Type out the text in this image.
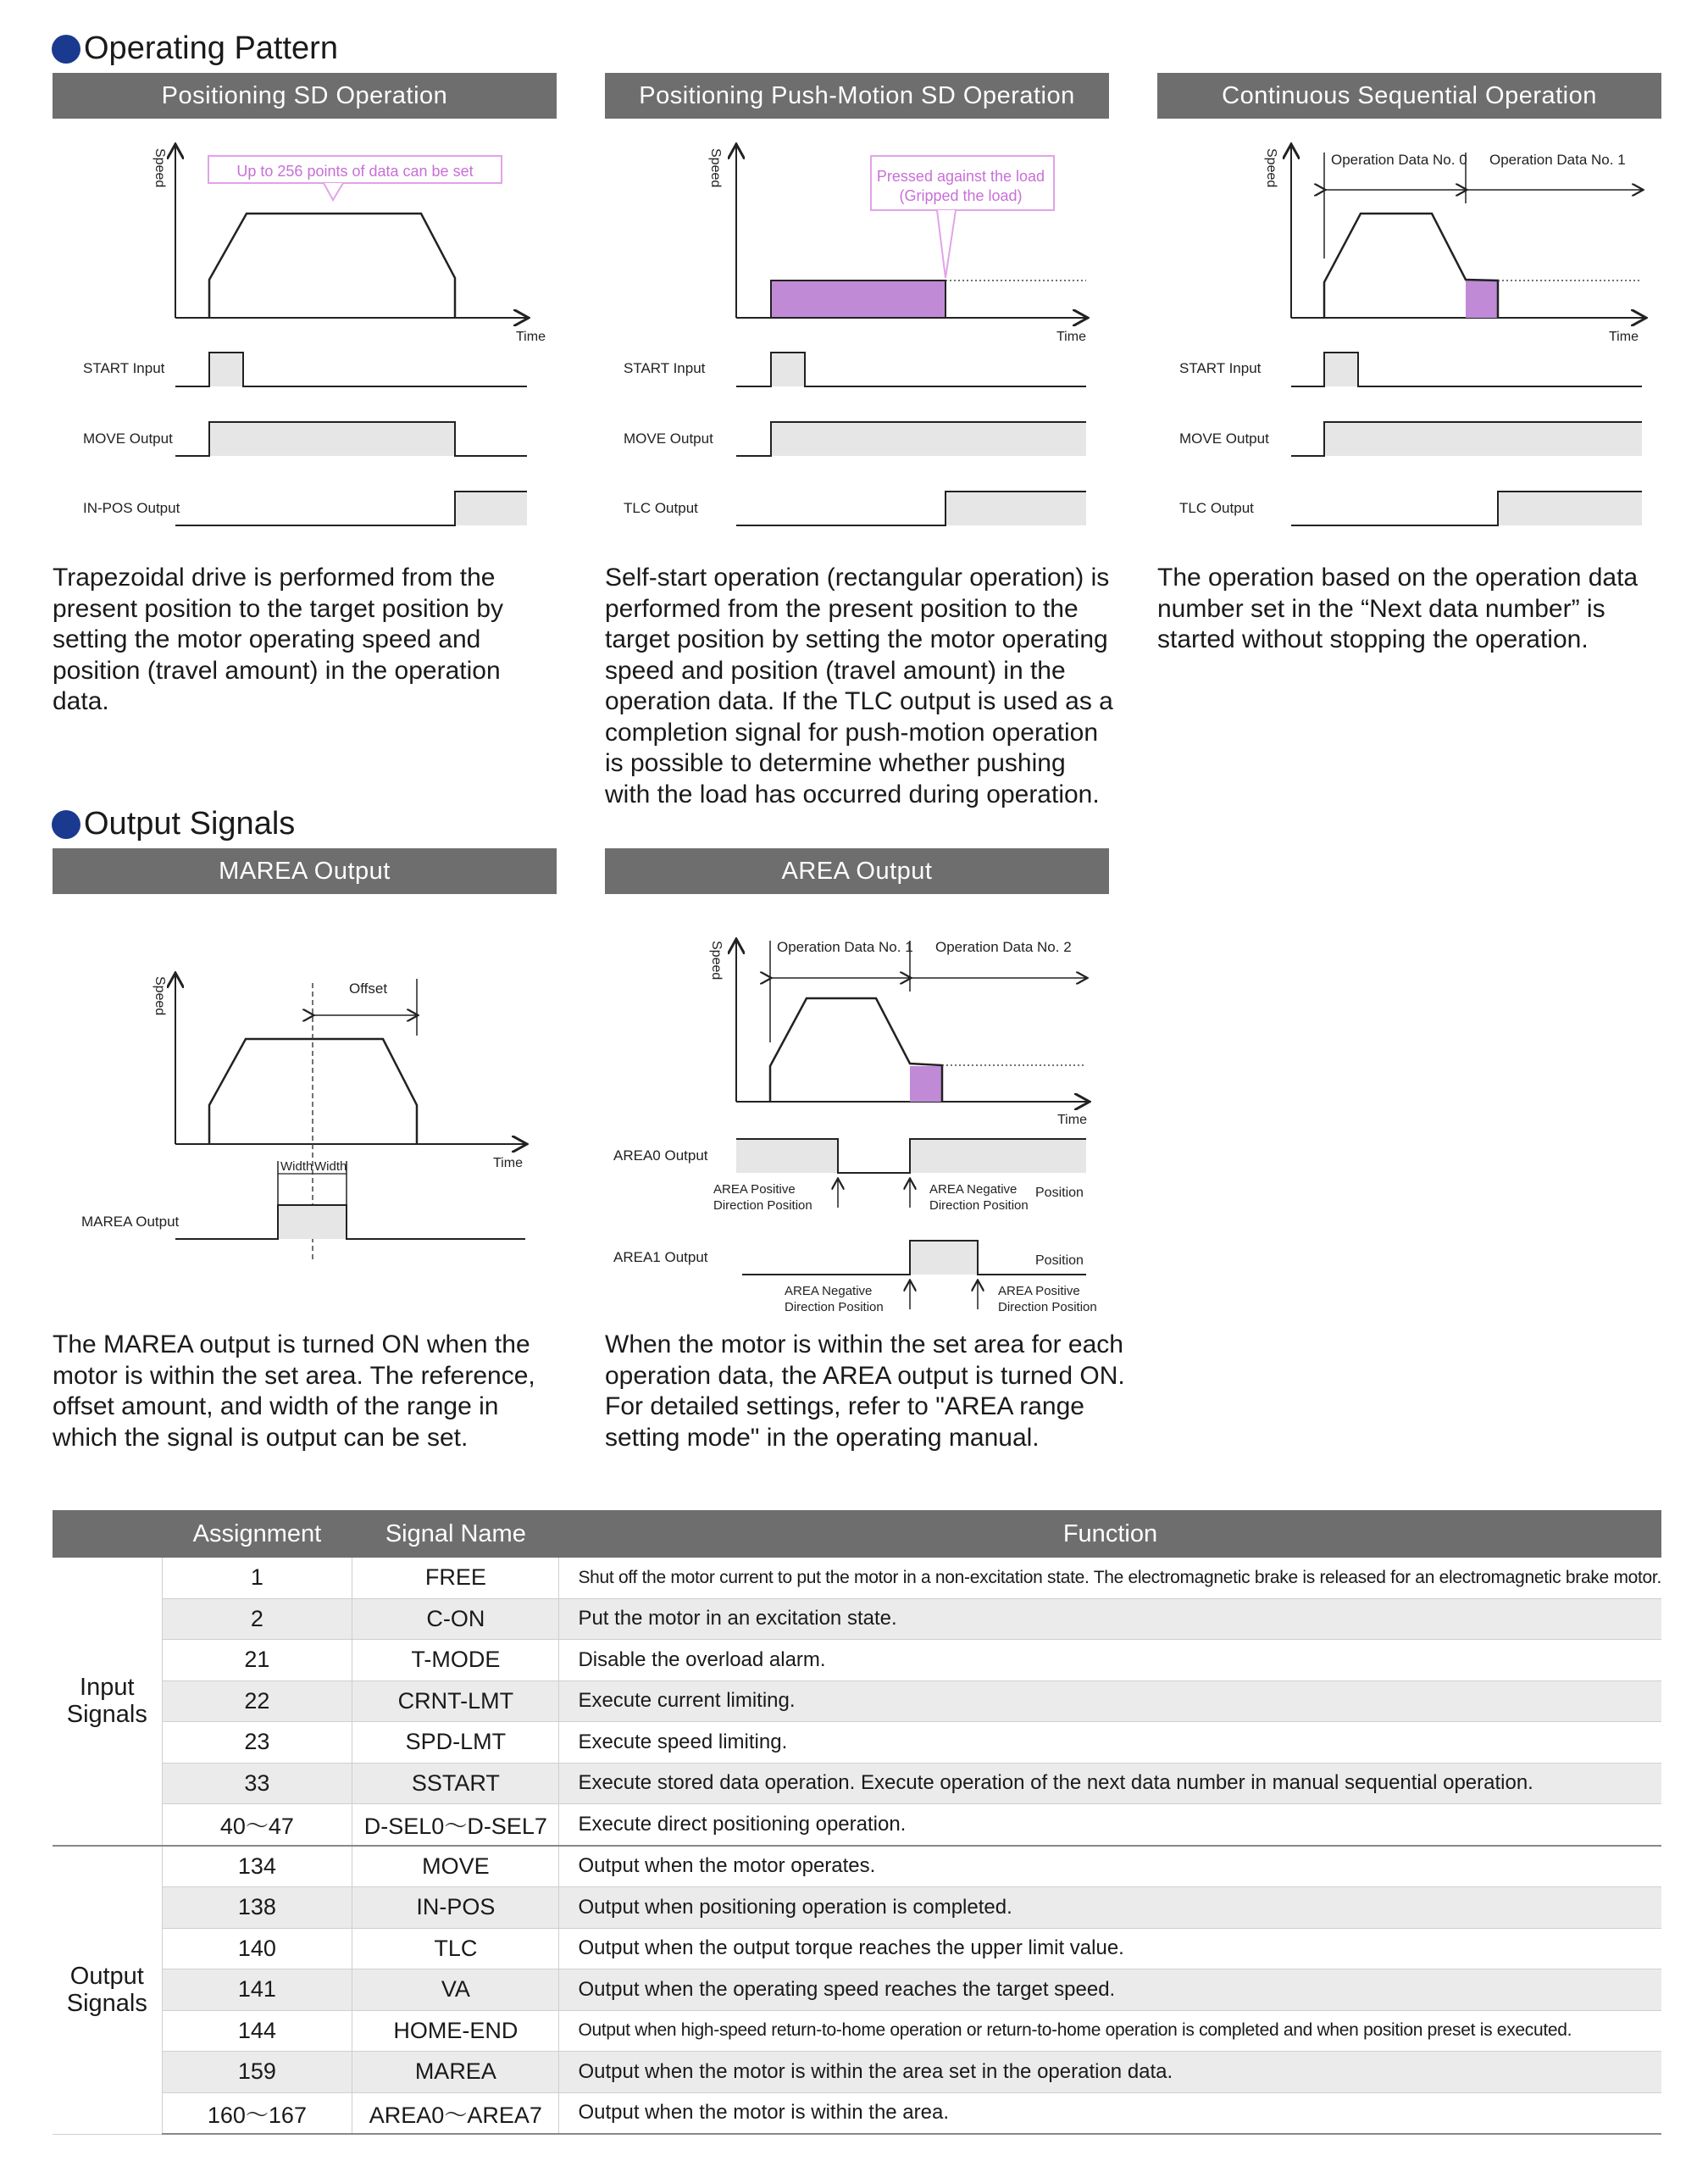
Operating Pattern
Positioning SD Operation	Positioning Push-Motion SD Operation	Continuous Sequential Operation
Speed
Time
Up to 256 points of data can be set
START Input
MOVE Output
IN-POS Output
Speed
Time
Pressed against the load
(Gripped the load)
START Input
MOVE Output
TLC Output
Speed
Time
Operation Data No. 0 Operation Data No. 1
START Input
MOVE Output
TLC Output
Trapezoidal drive is performed from the present position to the target position by setting the motor operating speed and position (travel amount) in the operation data.
Self-start operation (rectangular operation) is performed from the present position to the target position by setting the motor operating speed and position (travel amount) in the operation data. If the TLC output is used as a completion signal for push-motion operation is possible to determine whether pushing with the load has occurred during operation.
The operation based on the operation data number set in the “Next data number” is started without stopping the operation.
Output Signals
MAREA Output	AREA Output
Speed
Time
Offset
Width Width
MAREA Output
Speed
Time
Operation Data No. 1 Operation Data No. 2
AREA0 Output
AREA Positive
Direction Position
AREA Negative
Direction Position
Position
AREA1 Output	Position
AREA Negative
Direction Position
AREA Positive
Direction Position
The MAREA output is turned ON when the motor is within the set area. The reference, offset amount, and width of the range in which the signal is output can be set.
When the motor is within the set area for each operation data, the AREA output is turned ON. For detailed settings, refer to "AREA range setting mode" in the operating manual.
	Assignment	Signal Name	Function

Input
Signals	1	FREE	Shut off the motor current to put the motor in a non-excitation state. The electromagnetic brake is released for an electromagnetic brake motor.
	2	C-ON	Put the motor in an excitation state.
	21	T-MODE	Disable the overload alarm.
	22	CRNT-LMT	Execute current limiting.
	23	SPD-LMT	Execute speed limiting.
	33	SSTART	Execute stored data operation. Execute operation of the next data number in manual sequential operation.
	40～47	D-SEL0～D-SEL7	Execute direct positioning operation.

Output
Signals	134	MOVE	Output when the motor operates.
	138	IN-POS	Output when positioning operation is completed.
	140	TLC	Output when the output torque reaches the upper limit value.
	141	VA	Output when the operating speed reaches the target speed.
	144	HOME-END	Output when high-speed return-to-home operation or return-to-home operation is completed and when position preset is executed.
	159	MAREA	Output when the motor is within the area set in the operation data.
	160～167	AREA0～AREA7	Output when the motor is within the area.
